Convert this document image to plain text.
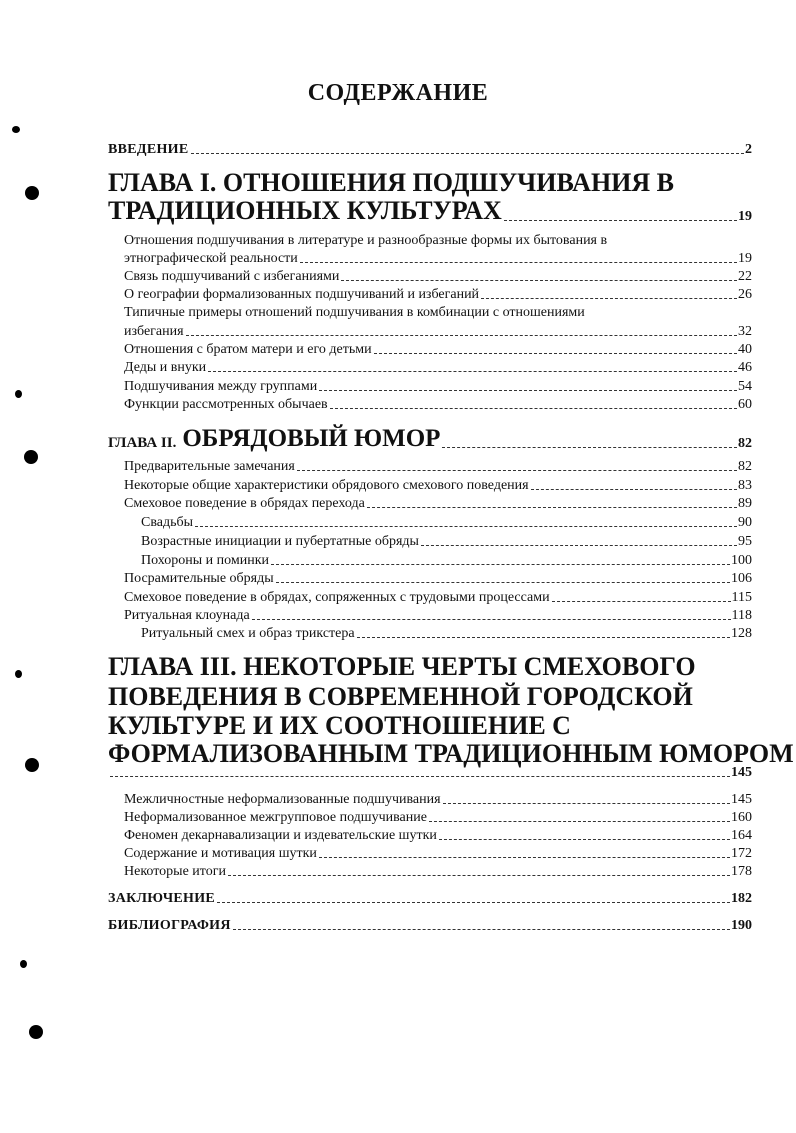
СОДЕРЖАНИЕ
ВВЕДЕНИЕ	2
ГЛАВА I. ОТНОШЕНИЯ ПОДШУЧИВАНИЯ В
ТРАДИЦИОННЫХ КУЛЬТУРАХ	19
Отношения подшучивания в литературе и разнообразные формы их бытования в
этнографической реальности	19
Связь подшучиваний с избеганиями	22
О географии формализованных подшучиваний и избеганий	26
Типичные примеры отношений подшучивания в комбинации с отношениями
избегания	32
Отношения с братом матери и его детьми	40
Деды и внуки	46
Подшучивания между группами	54
Функции рассмотренных обычаев	60
ГЛАВА II. ОБРЯДОВЫЙ ЮМОР	82
Предварительные замечания	82
Некоторые общие характеристики обрядового смехового поведения	83
Смеховое поведение в обрядах перехода	89
Свадьбы	90
Возрастные инициации и пубертатные обряды	95
Похороны и поминки	100
Посрамительные обряды	106
Смеховое поведение в обрядах, сопряженных с трудовыми процессами	115
Ритуальная клоунада	118
Ритуальный смех и образ трикстера	128
ГЛАВА III. НЕКОТОРЫЕ ЧЕРТЫ СМЕХОВОГО
ПОВЕДЕНИЯ В СОВРЕМЕННОЙ ГОРОДСКОЙ
КУЛЬТУРЕ И ИХ СООТНОШЕНИЕ С
ФОРМАЛИЗОВАННЫМ ТРАДИЦИОННЫМ ЮМОРОМ
145
Межличностные неформализованные подшучивания	145
Неформализованное межгрупповое подшучивание	160
Феномен декарнавализации и издевательские шутки	164
Содержание и мотивация шутки	172
Некоторые итоги	178
ЗАКЛЮЧЕНИЕ	182
БИБЛИОГРАФИЯ	190
